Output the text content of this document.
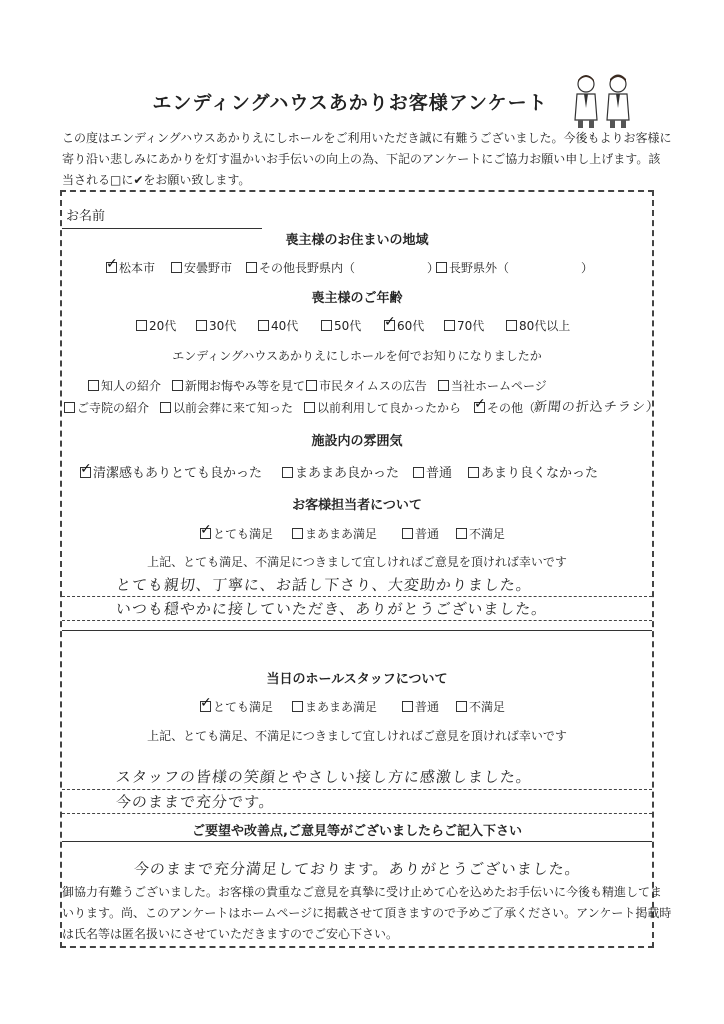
エンディングハウスあかりお客様アンケート
この度はエンディングハウスあかりえにしホールをご利用いただき誠に有難うございました。今後もよりお客様に寄り沿い悲しみにあかりを灯す温かいお手伝いの向上の為、下記のアンケートにご協力お願い申し上げます。該当される□に✔をお願い致します。
お名前
喪主様のお住まいの地域
✓松本市	安曇野市	その他長野県内（　　　　　　） 長野県外（　　　　　　）
喪主様のご年齢
20代	30代	40代	50代 ✓	60代	70代	80代以上
エンディングハウスあかりえにしホールを何でお知りになりましたか
知人の紹介	新聞お悔やみ等を見て	市民タイムスの広告	当社ホームページ
ご寺院の紹介	以前会葬に来て知った	以前利用して良かったから ✓	その他（
新聞の折込チラシ）
施設内の雰囲気
✓清潔感もありとても良かった	まあまあ良かった	普通	あまり良くなかった
お客様担当者について
✓とても満足	まあまあ満足	普通	不満足
上記、とても満足、不満足につきまして宜しければご意見を頂ければ幸いです
とても親切、丁寧に、お話し下さり、大変助かりました。
いつも穏やかに接していただき、ありがとうございました。
当日のホールスタッフについて
✓とても満足	まあまあ満足	普通	不満足
上記、とても満足、不満足につきまして宜しければご意見を頂ければ幸いです
スタッフの皆様の笑顔とやさしい接し方に感激しました。
今のままで充分です。
ご要望や改善点,ご意見等がございましたらご記入下さい
今のままで充分満足しております。ありがとうございました。
御協力有難うございました。お客様の貴重なご意見を真摯に受け止めて心を込めたお手伝いに今後も精進してまいります。尚、このアンケートはホームページに掲載させて頂きますので予めご了承ください。アンケート掲載時は氏名等は匿名扱いにさせていただきますのでご安心下さい。
